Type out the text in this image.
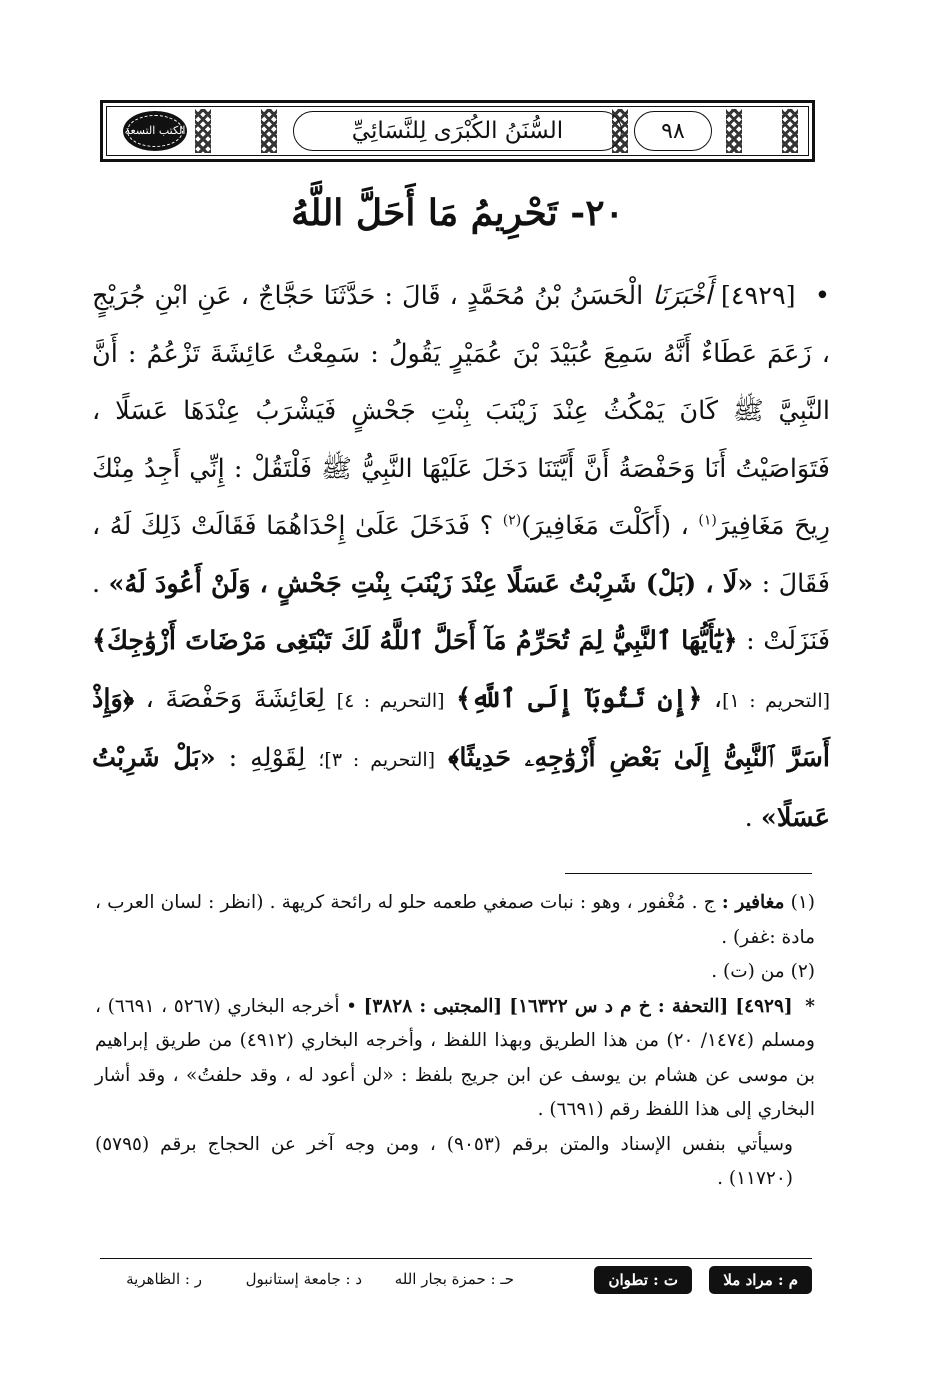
الكتب التسعة	السُّنَنُ الكُبْرَى لِلنَّسَائِيِّ	٩٨
٢٠- تَحْرِيمُ مَا أَحَلَّ اللَّهُ
• [٤٩٢٩] أَخْبَرَنَا الْحَسَنُ بْنُ مُحَمَّدٍ ، قَالَ : حَدَّثَنَا حَجَّاجٌ ، عَنِ ابْنِ جُرَيْجٍ ، زَعَمَ عَطَاءٌ أَنَّهُ سَمِعَ عُبَيْدَ بْنَ عُمَيْرٍ يَقُولُ : سَمِعْتُ عَائِشَةَ تَزْعُمُ : أَنَّ النَّبِيَّ ﷺ كَانَ يَمْكُثُ عِنْدَ زَيْنَبَ بِنْتِ جَحْشٍ فَيَشْرَبُ عِنْدَهَا عَسَلًا ، فَتَوَاصَيْتُ أَنَا وَحَفْصَةُ أَنَّ أَيَّتَنَا دَخَلَ عَلَيْهَا النَّبِيُّ ﷺ فَلْتَقُلْ : إِنِّي أَجِدُ مِنْكَ رِيحَ مَغَافِيرَ$^{(١)}$ ، (أَكَلْتَ مَغَافِيرَ)$^{(٢)}$ ؟ فَدَخَلَ عَلَىٰ إِحْدَاهُمَا فَقَالَتْ ذَلِكَ لَهُ ، فَقَالَ : «لَا ، (بَلْ) شَرِبْتُ عَسَلًا عِنْدَ زَيْنَبَ بِنْتِ جَحْشٍ ، وَلَنْ أَعُودَ لَهُ» . فَنَزَلَتْ : ﴿يَٰٓأَيُّهَا ٱلنَّبِيُّ لِمَ تُحَرِّمُ مَآ أَحَلَّ ٱللَّهُ لَكَ تَبْتَغِى مَرْضَاتَ أَزْوَٰجِكَ﴾ [التحريم : ١]، ﴿إِن تَتُوبَآ إِلَى ٱللَّهِ﴾ [التحريم : ٤] لِعَائِشَةَ وَحَفْصَةَ ، ﴿وَإِذْ أَسَرَّ ٱلنَّبِىُّ إِلَىٰ بَعْضِ أَزْوَٰجِهِۦ حَدِيثًا﴾ [التحريم : ٣]؛ لِقَوْلِهِ : «بَلْ شَرِبْتُ عَسَلًا» .

(١) مغافير : ج . مُغْفور ، وهو : نبات صمغي طعمه حلو له رائحة كريهة . (انظر : لسان العرب ، مادة :غفر) .

(٢) من (ت) .

* [٤٩٢٩] [التحفة : خ م د س ١٦٣٢٢] [المجتبى : ٣٨٢٨] • أخرجه البخاري (٥٢٦٧ ، ٦٦٩١) ، ومسلم (١٤٧٤/ ٢٠) من هذا الطريق وبهذا اللفظ ، وأخرجه البخاري (٤٩١٢) من طريق إبراهيم بن موسى عن هشام بن يوسف عن ابن جريج بلفظ : «لن أعود له ، وقد حلفتُ» ، وقد أشار البخاري إلى هذا اللفظ رقم (٦٦٩١) .

وسيأتي بنفس الإسناد والمتن برقم (٩٠٥٣) ، ومن وجه آخر عن الحجاج برقم (٥٧٩٥) (١١٧٢٠) .

م : مراد ملا
ت : تطوان
حـ : حمزة بجار الله
د : جامعة إستانبول
ر : الظاهرية
